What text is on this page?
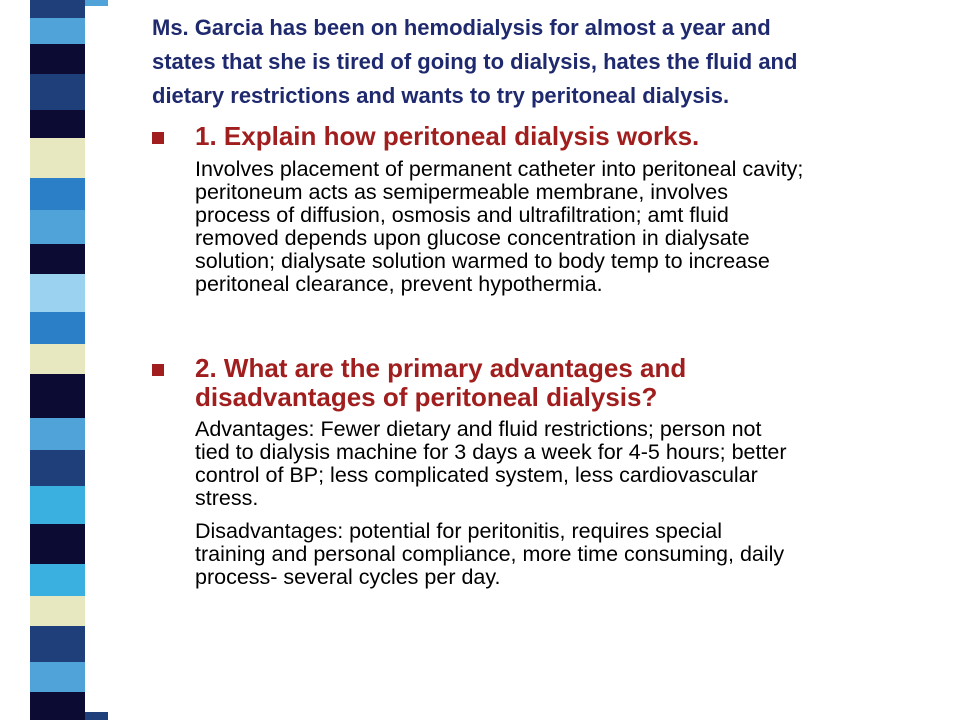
Ms. Garcia has been on hemodialysis for almost a year and
states that she is tired of going to dialysis, hates the fluid and
dietary restrictions and wants to try peritoneal dialysis.
1. Explain how peritoneal dialysis works.
Involves placement of permanent catheter into peritoneal cavity;
peritoneum acts as semipermeable membrane, involves
process of diffusion, osmosis and ultrafiltration; amt fluid
removed depends upon glucose concentration in dialysate
solution; dialysate solution warmed to body temp to increase
peritoneal clearance, prevent hypothermia.
2. What are the primary advantages and
disadvantages of peritoneal dialysis?
Advantages: Fewer dietary and fluid restrictions; person not
tied to dialysis machine for 3 days a week for 4-5 hours; better
control of BP; less complicated system, less cardiovascular
stress.
Disadvantages: potential for peritonitis, requires special
training and personal compliance, more time consuming, daily
process- several cycles per day.
